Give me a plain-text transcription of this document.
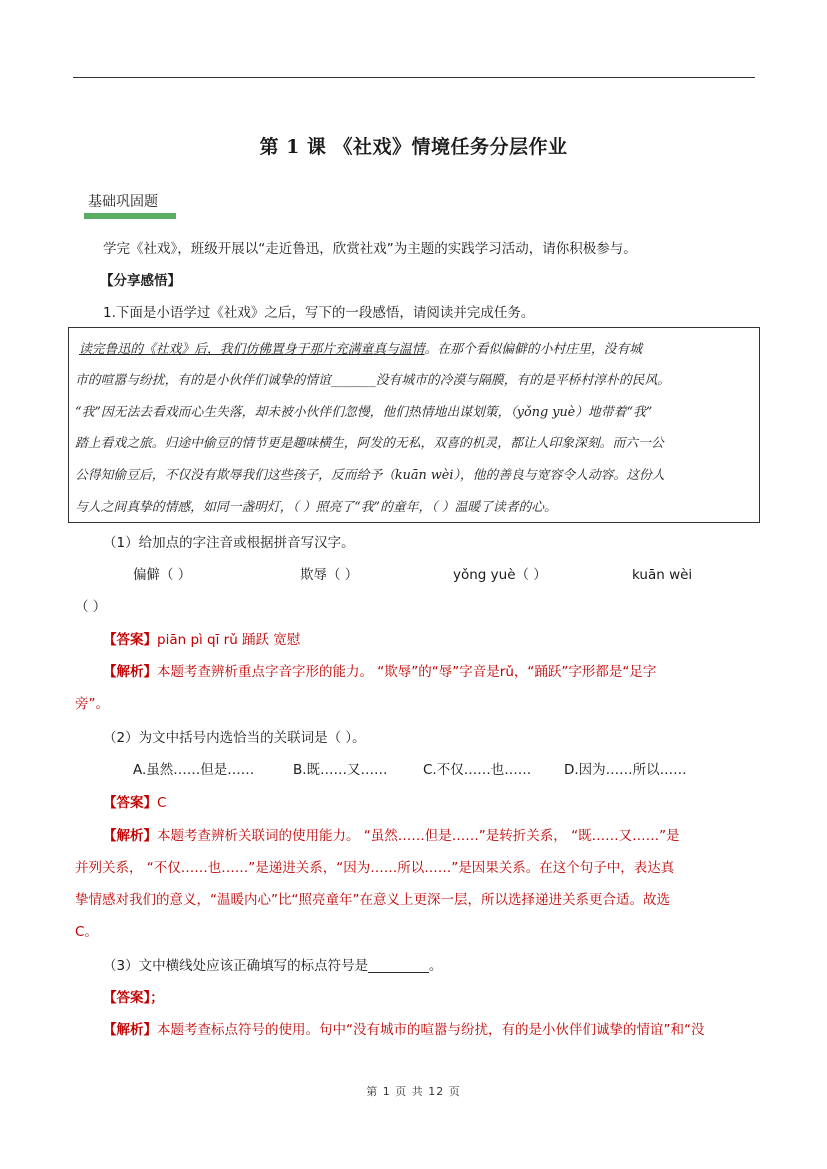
第 1 课 《社戏》情境任务分层作业
基础巩固题
学完《社戏》，班级开展以“走近鲁迅，欣赏社戏”为主题的实践学习活动，请你积极参与。
【分享感悟】
1.下面是小语学过《社戏》之后，写下的一段感悟，请阅读并完成任务。
读完鲁迅的《社戏》后，我们仿佛置身于那片充满童真与温情。在那个看似偏僻的小村庄里，没有城
市的喧嚣与纷扰，有的是小伙伴们诚挚的情谊_______没有城市的冷漠与隔膜，有的是平桥村淳朴的民风。
“我”因无法去看戏而心生失落，却未被小伙伴们忽慢，他们热情地出谋划策，（yǒng yuè）地带着“我”
踏上看戏之旅。归途中偷豆的情节更是趣味横生，阿发的无私，双喜的机灵，都让人印象深刻。而六一公
公得知偷豆后，不仅没有欺辱我们这些孩子，反而给予（kuān wèi），他的善良与宽容令人动容。这份人
与人之间真挚的情感，如同一盏明灯，（ ）照亮了“我”的童年，（ ）温暖了读者的心。
（1）给加点的字注音或根据拼音写汉字。
偏僻（ ）	欺辱（ ）	yǒng yuè（ ）	kuān wèi
（ ）
【答案】piān pì qī rǔ 踊跃 宽慰
【解析】本题考查辨析重点字音字形的能力。 “欺辱”的“辱”字音是rǔ，“踊跃”字形都是“足字
旁”。
（2）为文中括号内选恰当的关联词是（ ）。
A.虽然……但是……	B.既……又……	C.不仅……也…… D.因为……所以……
【答案】C
【解析】本题考查辨析关联词的使用能力。 “虽然……但是……”是转折关系， “既……又……”是
并列关系， “不仅……也……”是递进关系，“因为……所以……”是因果关系。在这个句子中，表达真
挚情感对我们的意义，“温暖内心”比“照亮童年”在意义上更深一层，所以选择递进关系更合适。故选
C。
（3）文中横线处应该正确填写的标点符号是_________。
【答案】；
【解析】本题考查标点符号的使用。句中“没有城市的喧嚣与纷扰，有的是小伙伴们诚挚的情谊”和“没
第 1 页 共 12 页
